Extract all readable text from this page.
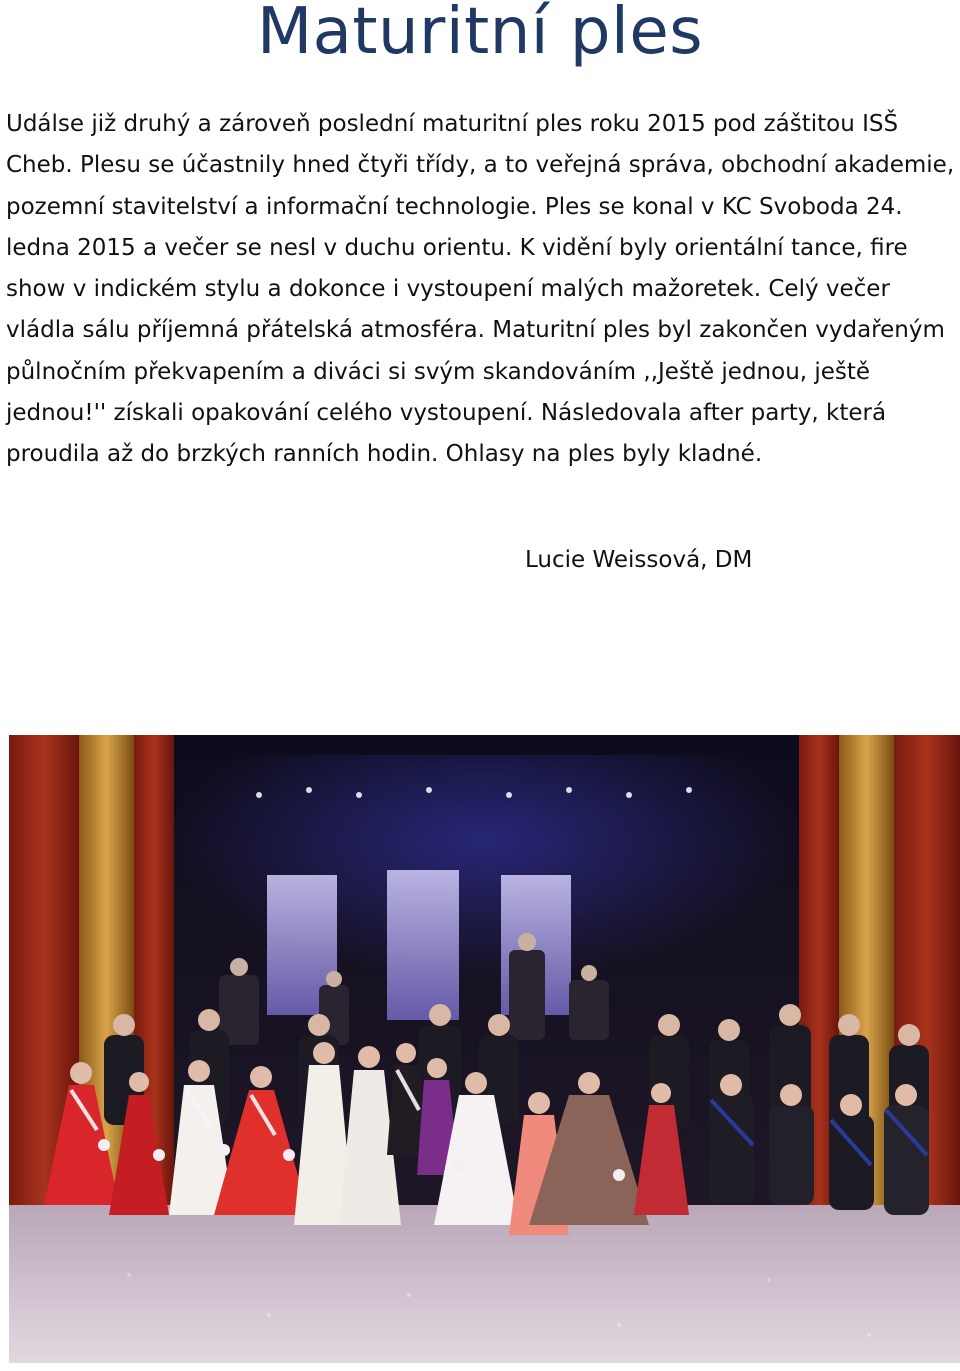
Maturitní ples

Událse již druhý a zároveň poslední maturitní ples roku 2015 pod záštitou ISŠ Cheb. Plesu se účastnily hned čtyři třídy, a to veřejná správa, obchodní akademie, pozemní stavitelství a informační technologie. Ples se konal v KC Svoboda 24. ledna 2015 a večer se nesl v duchu orientu. K vidění byly orientální tance, fire show v indickém stylu a dokonce i vystoupení malých mažoretek. Celý večer vládla sálu příjemná přátelská atmosféra. Maturitní ples byl zakončen vydařeným půlnočním překvapením a diváci si svým skandováním ,,Ještě jednou, ještě jednou!'' získali opakování celého vystoupení. Následovala after party, která proudila až do brzkých ranních hodin. Ohlasy na ples byly kladné.

Lucie Weissová, DM
